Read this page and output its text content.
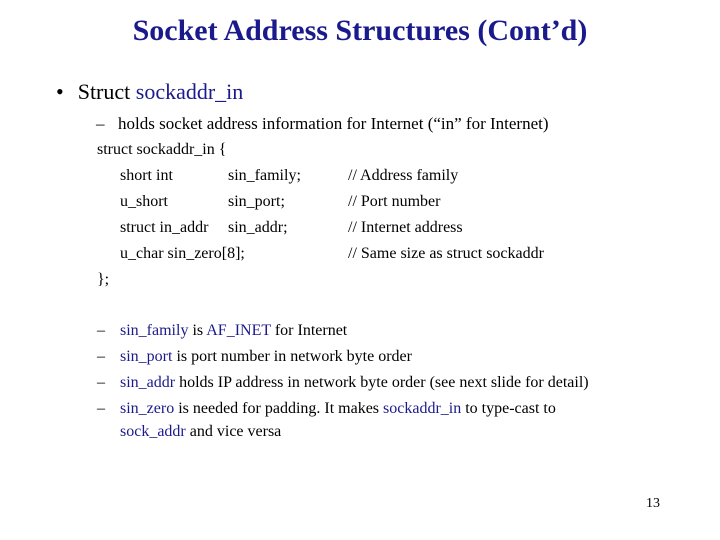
Socket Address Structures (Cont’d)
• Struct sockaddr_in
– holds socket address information for Internet (“in” for Internet)
struct sockaddr_in {
short int	sin_family;	// Address family
u_short	sin_port;	// Port number
struct in_addr sin_addr;	// Internet address
u_char sin_zero[8];	// Same size as struct sockaddr
};
– sin_family is AF_INET for Internet
– sin_port is port number in network byte order
– sin_addr holds IP address in network byte order (see next slide for detail)
– sin_zero is needed for padding. It makes sockaddr_in to type-cast to
sock_addr and vice versa
13
